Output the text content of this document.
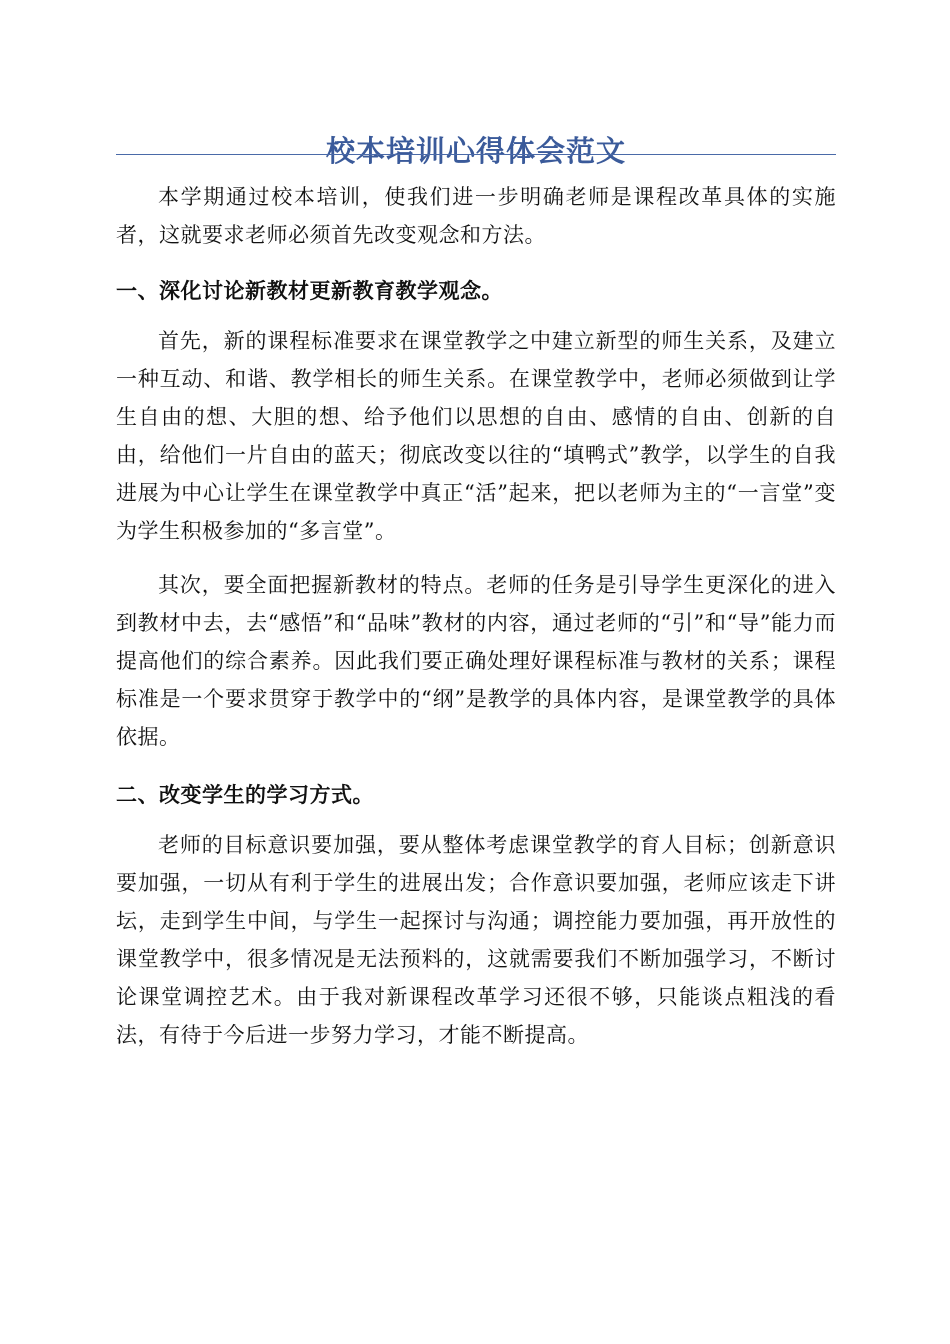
校本培训心得体会范文

本学期通过校本培训，使我们进一步明确老师是课程改革具体的实施者，这就要求老师必须首先改变观念和方法。

一、深化讨论新教材更新教育教学观念。

首先，新的课程标准要求在课堂教学之中建立新型的师生关系，及建立一种互动、和谐、教学相长的师生关系。在课堂教学中，老师必须做到让学生自由的想、大胆的想、给予他们以思想的自由、感情的自由、创新的自由，给他们一片自由的蓝天；彻底改变以往的“填鸭式”教学，以学生的自我进展为中心让学生在课堂教学中真正“活”起来，把以老师为主的“一言堂”变为学生积极参加的“多言堂”。

其次，要全面把握新教材的特点。老师的任务是引导学生更深化的进入到教材中去，去“感悟”和“品味”教材的内容，通过老师的“引”和“导”能力而提高他们的综合素养。因此我们要正确处理好课程标准与教材的关系；课程标准是一个要求贯穿于教学中的“纲”是教学的具体内容，是课堂教学的具体依据。

二、改变学生的学习方式。

老师的目标意识要加强，要从整体考虑课堂教学的育人目标；创新意识要加强，一切从有利于学生的进展出发；合作意识要加强，老师应该走下讲坛，走到学生中间，与学生一起探讨与沟通；调控能力要加强，再开放性的课堂教学中，很多情况是无法预料的，这就需要我们不断加强学习，不断讨论课堂调控艺术。由于我对新课程改革学习还很不够，只能谈点粗浅的看法，有待于今后进一步努力学习，才能不断提高。
